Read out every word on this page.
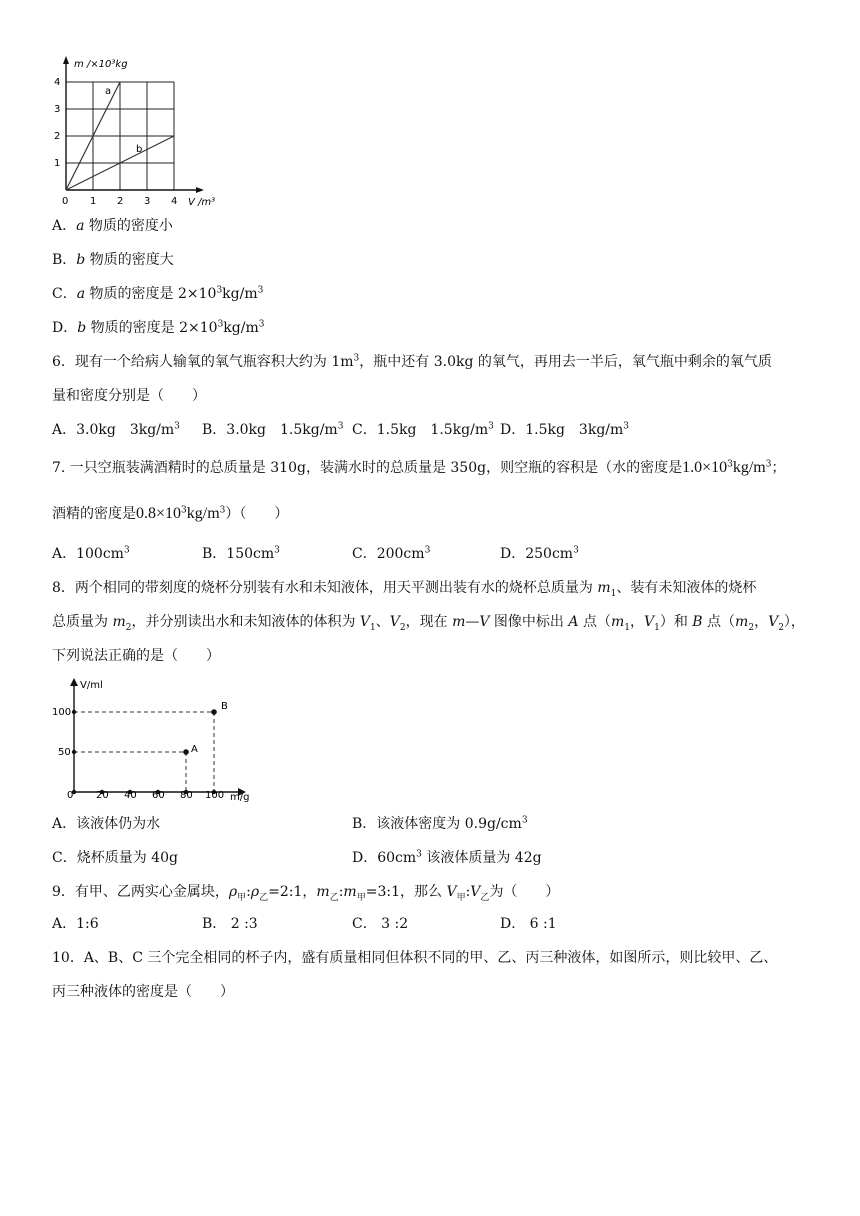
a
b
m /×10³kg
V /m³
4
3
2
1
0 1 2 3 4
A．a 物质的密度小
B．b 物质的密度大
C．a 物质的密度是 $2\times 10^3kg/m^3$
D．b 物质的密度是 $2\times 10^3kg/m^3$
6．现有一个给病人输氧的氧气瓶容积大约为 $1m^3$，瓶中还有 3.0kg 的氧气，再用去一半后，氧气瓶中剩余的氧气质
量和密度分别是（　　）
A．3.0kg　$3kg/m^3$ B．3.0kg　$1.5kg/m^3$ C．1.5kg　$1.5kg/m^3$ D．1.5kg　$3kg/m^3$
7. 一只空瓶装满酒精时的总质量是 310g，装满水时的总质量是 350g，则空瓶的容积是（水的密度是$1.0\times 10^3kg/m^3$；
酒精的密度是$0.8\times 10^3kg/m^3$）（　　）
A．$100cm^3$	B．$150cm^3$	C．$200cm^3$	D．$250cm^3$
8．两个相同的带刻度的烧杯分别装有水和未知液体，用天平测出装有水的烧杯总质量为 $m_1$、装有未知液体的烧杯
总质量为 $m_2$，并分别读出水和未知液体的体积为 $V_1$、$V_2$，现在 m—V 图像中标出 A 点（$m_1$，$V_1$）和 B 点（$m_2$，$V_2$），
下列说法正确的是（　　）
A
B
V/ml
m/g
100
50
0 20 40 60 80 100
A．该液体仍为水	B．该液体密度为 $0.9g/cm^3$
C．烧杯质量为 40g	D．$60cm^3$ 该液体质量为 42g
9．有甲、乙两实心金属块，$\rho_甲:\rho_乙=2:1$，$m_乙:m_甲=3:1$，那么 $V_甲:V_乙$为（　　）
A．1:6	B． 2 :3	C． 3 :2	D． 6 :1
10．A、B、C 三个完全相同的杯子内，盛有质量相同但体积不同的甲、乙、丙三种液体，如图所示，则比较甲、乙、
丙三种液体的密度是（　　）
